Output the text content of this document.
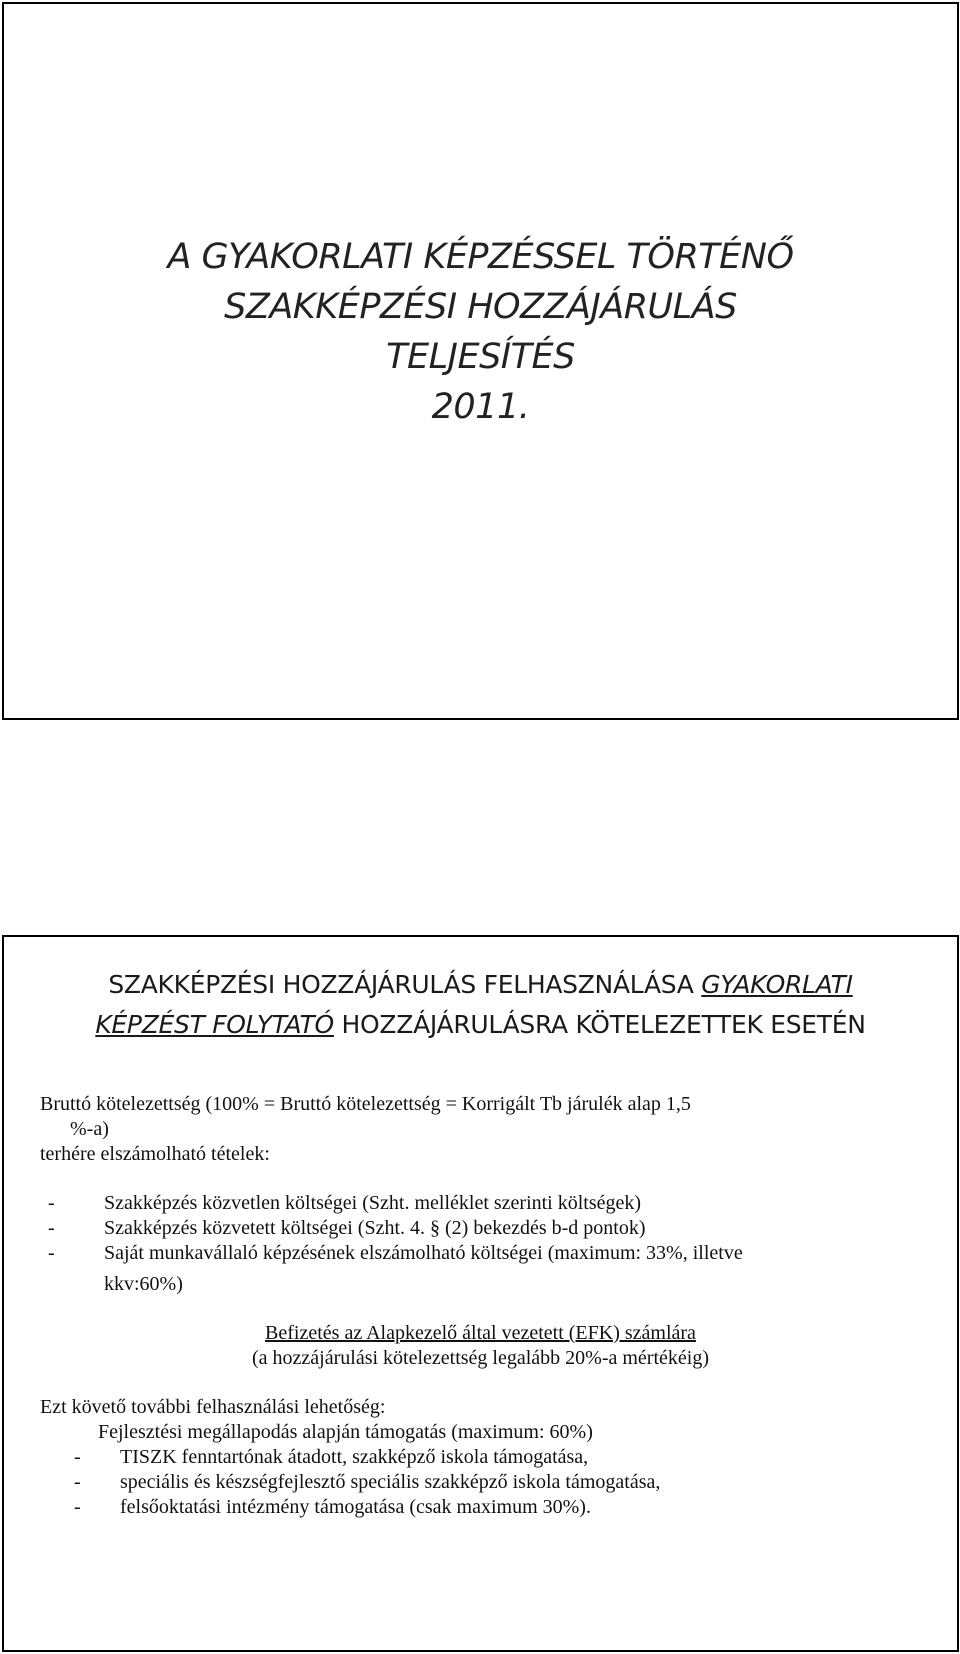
A GYAKORLATI KÉPZÉSSEL TÖRTÉNŐ
SZAKKÉPZÉSI HOZZÁJÁRULÁS
TELJESÍTÉS
2011.
SZAKKÉPZÉSI HOZZÁJÁRULÁS FELHASZNÁLÁSA GYAKORLATI
KÉPZÉST FOLYTATÓ HOZZÁJÁRULÁSRA KÖTELEZETTEK ESETÉN

Bruttó kötelezettség (100% = Bruttó kötelezettség = Korrigált Tb járulék alap 1,5

%-a)

terhére elszámolható tételek:

- Szakképzés közvetlen költségei (Szht. melléklet szerinti költségek)
- Szakképzés közvetett költségei (Szht. 4. § (2) bekezdés b-d pontok)
- Saját munkavállaló képzésének elszámolható költségei (maximum: 33%, illetve

kkv:60%)

Befizetés az Alapkezelő által vezetett (EFK) számlára

(a hozzájárulási kötelezettség legalább 20%-a mértékéig)

Ezt követő további felhasználási lehetőség:

Fejlesztési megállapodás alapján támogatás (maximum: 60%)

- TISZK fenntartónak átadott, szakképző iskola támogatása,
- speciális és készségfejlesztő speciális szakképző iskola támogatása,
- felsőoktatási intézmény támogatása (csak maximum 30%).
